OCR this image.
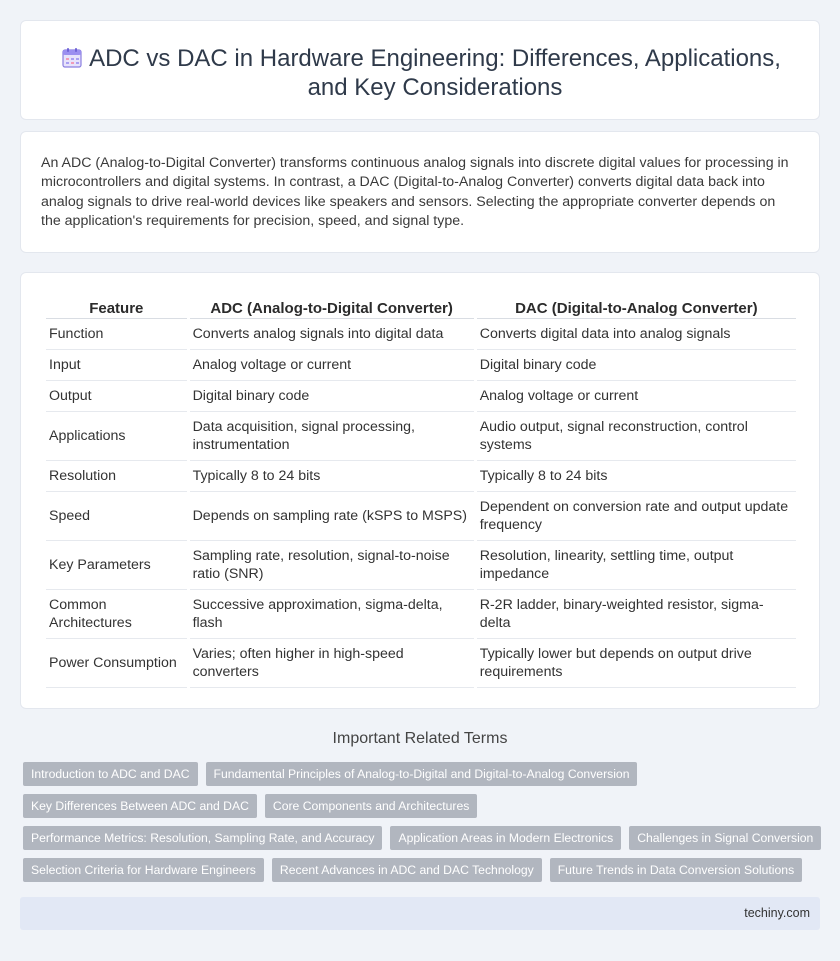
ADC vs DAC in Hardware Engineering: Differences, Applications, and Key Considerations

An ADC (Analog-to-Digital Converter) transforms continuous analog signals into discrete digital values for processing in microcontrollers and digital systems. In contrast, a DAC (Digital-to-Analog Converter) converts digital data back into analog signals to drive real-world devices like speakers and sensors. Selecting the appropriate converter depends on the application's requirements for precision, speed, and signal type.

Feature	ADC (Analog-to-Digital Converter)	DAC (Digital-to-Analog Converter)
Function	Converts analog signals into digital data	Converts digital data into analog signals
Input	Analog voltage or current	Digital binary code
Output	Digital binary code	Analog voltage or current
Applications	Data acquisition, signal processing, instrumentation	Audio output, signal reconstruction, control systems
Resolution	Typically 8 to 24 bits	Typically 8 to 24 bits
Speed	Depends on sampling rate (kSPS to MSPS)	Dependent on conversion rate and output update frequency
Key Parameters	Sampling rate, resolution, signal-to-noise ratio (SNR)	Resolution, linearity, settling time, output impedance
Common Architectures	Successive approximation, sigma-delta, flash	R-2R ladder, binary-weighted resistor, sigma-delta
Power Consumption	Varies; often higher in high-speed converters	Typically lower but depends on output drive requirements
Important Related Terms
Introduction to ADC and DAC	Fundamental Principles of Analog-to-Digital and Digital-to-Analog Conversion
Key Differences Between ADC and DAC	Core Components and Architectures
Performance Metrics: Resolution, Sampling Rate, and Accuracy	Application Areas in Modern Electronics	Challenges in Signal Conversion
Selection Criteria for Hardware Engineers	Recent Advances in ADC and DAC Technology	Future Trends in Data Conversion Solutions
techiny.com
